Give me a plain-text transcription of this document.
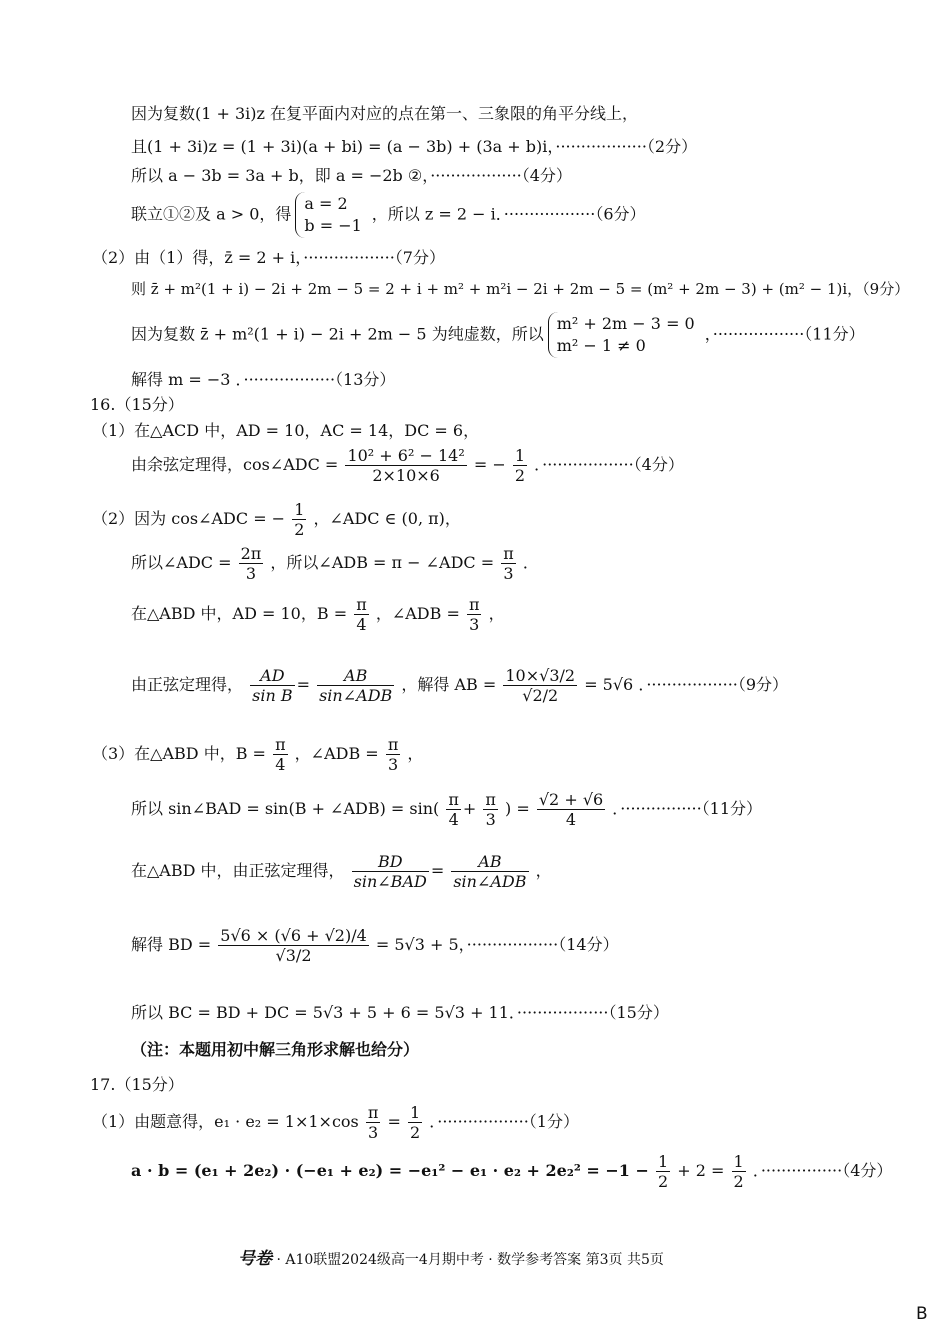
因为复数(1 + 3i)z 在复平面内对应的点在第一、三象限的角平分线上，
且(1 + 3i)z = (1 + 3i)(a + bi) = (a − 3b) + (3a + b)i，··················（2分）
所以 a − 3b = 3a + b，即 a = −2b ②，··················（4分）
联立①②及 a > 0，得
a = 2
b = −1
，所以 z = 2 − i．··················（6分）
（2）由（1）得，z̄ = 2 + i，··················（7分）
则 z̄ + m²(1 + i) − 2i + 2m − 5 = 2 + i + m² + m²i − 2i + 2m − 5 = (m² + 2m − 3) + (m² − 1)i，（9分）
因为复数 z̄ + m²(1 + i) − 2i + 2m − 5 为纯虚数，所以
m² + 2m − 3 = 0
m² − 1 ≠ 0
，··················（11分）
解得 m = −3 ．··················（13分）
16.（15分）
（1）在△ACD 中，AD = 10，AC = 14，DC = 6，
由余弦定理得，cos∠ADC = $\frac{\text{10² + 6² − 14²}}{2\times 10\times 6}$ = − $\frac{1}{2}$ ．··················（4分）
（2）因为 cos∠ADC = − $\frac{1}{2}$ ，∠ADC ∈ (0, π)，
所以∠ADC = $\frac{2\pi}{3}$ ，所以∠ADB = π − ∠ADC = $\frac{\pi}{3}$ ．
在△ABD 中，AD = 10，$B = \frac{\pi}{4}$ ，∠ADB = $\frac{\pi}{3}$ ，
由正弦定理得， $\frac{AD}{\text{sin B}}$ =	AB
sin∠ADB
，解得 AB = $\frac{10\times√3/2}{√2/2} = 5√6$ ．··················（9分）
（3）在△ABD 中，$B = \frac{\pi}{4}$ ，∠ADB = $\frac{\pi}{3}$ ，
所以 sin∠BAD = sin(B + ∠ADB) = $\sin( \frac{\pi}{4} + \frac{\pi}{3}$ ) = $\frac{√2 + √6}{4}$ ．················（11分）
在△ABD 中，由正弦定理得，	BD
sin∠BAD
=	AB
sin∠ADB
，
解得 BD = $\frac{5√6 \times (√6 + √2)/4}{√3/2} = 5√3 + 5$，··················（14分）
所以 BC = BD + DC = 5√3 + 5 + 6 = 5√3 + 11．··················（15分）
（注：本题用初中解三角形求解也给分）
17.（15分）
（1）由题意得，$e_1 \cdot e_2 = 1\times 1\times\cos \frac{\pi}{3} = \frac{1}{2}$ ．··················（1分）
$a \cdot b = (e_1 + 2e_2) \cdot (-e_1 + e_2) = -e_1^2 - e_1 \cdot e_2 + 2e_2^2 = -1 - \frac{1}{2} + 2 = \frac{1}{2}$ ．················（4分）
号卷 · A10联盟2024级高一4月期中考 · 数学参考答案 第3页 共5页
B
